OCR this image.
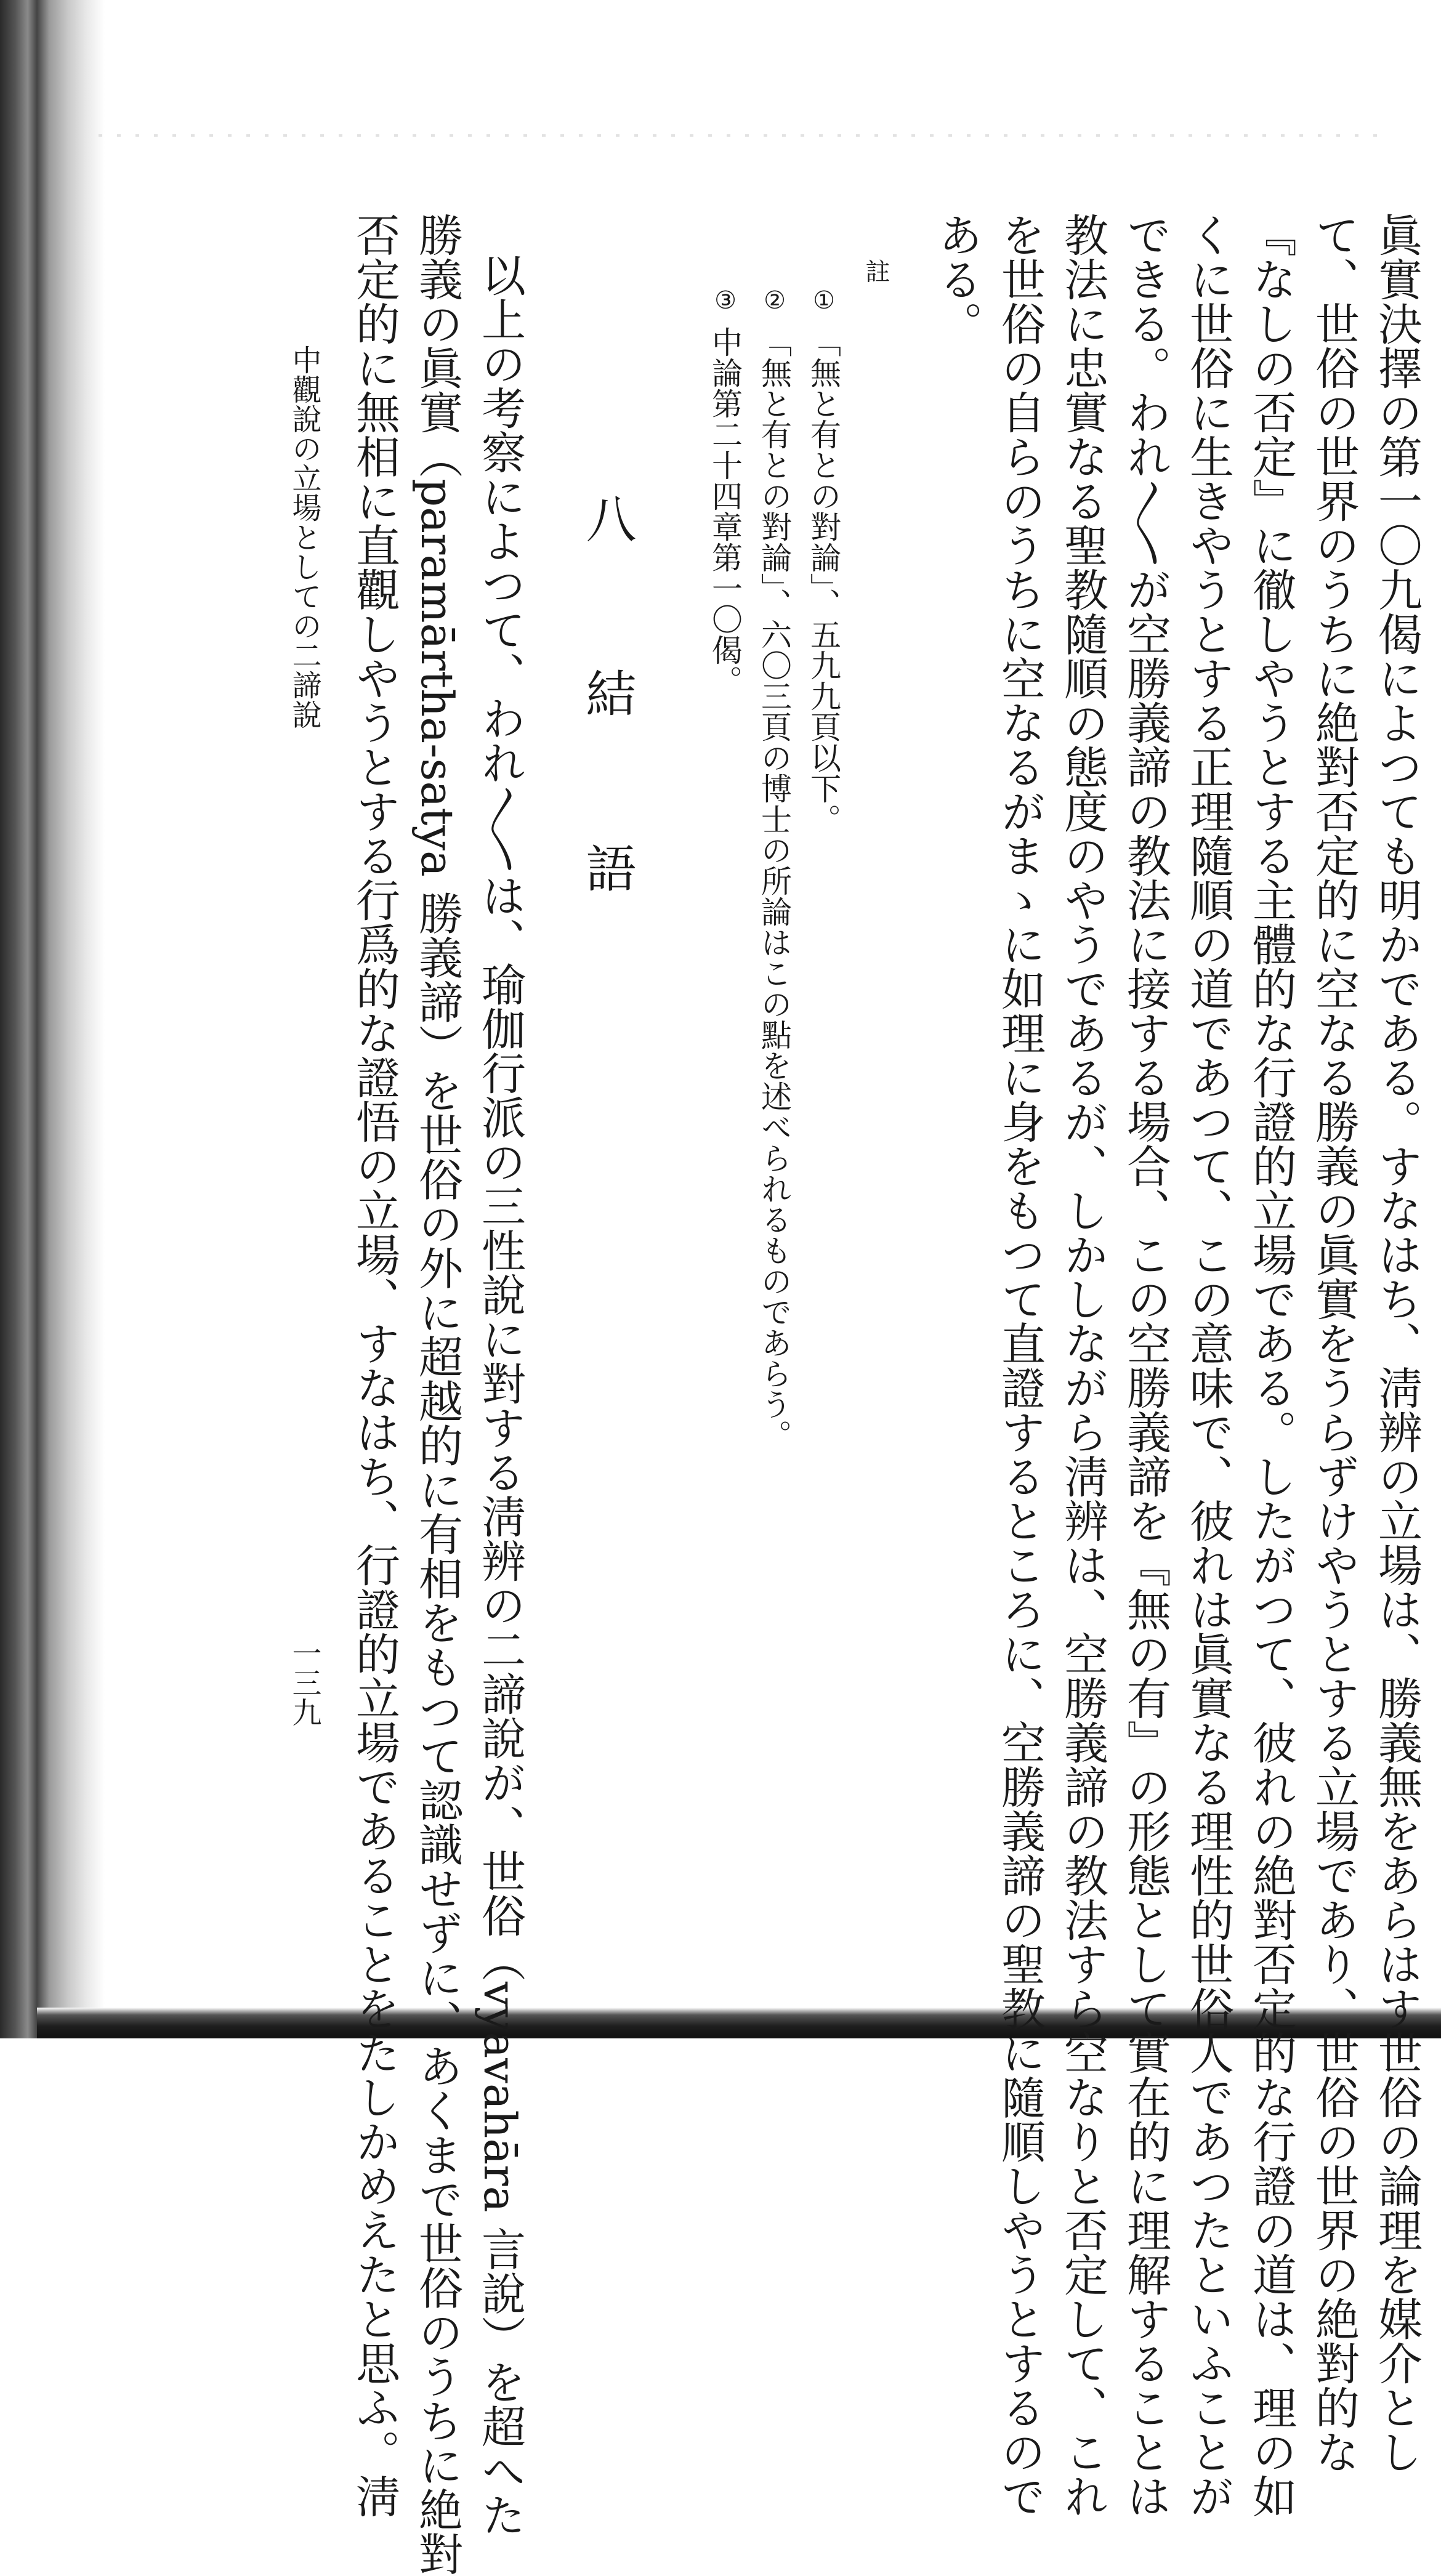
眞實決擇の第一〇九偈によつても明かである。すなはち、淸辨の立場は、勝義無をあらはす世俗の論理を媒介とし
て、世俗の世界のうちに絶對否定的に空なる勝義の眞實をうらずけやうとする立場であり、世俗の世界の絶對的な
『なしの否定』に徹しやうとする主體的な行證的立場である。したがつて、彼れの絶對否定的な行證の道は、理の如
くに世俗に生きやうとする正理隨順の道であつて、この意味で、彼れは眞實なる理性的世俗人であつたといふことが
できる。われ〳〵が空勝義諦の教法に接する場合、この空勝義諦を『無の有』の形態として實在的に理解することは
教法に忠實なる聖教隨順の態度のやうであるが、しかしながら淸辨は、空勝義諦の教法すら空なりと否定して、これ
を世俗の自らのうちに空なるがまゝに如理に身をもつて直證するところに、空勝義諦の聖教に隨順しやうとするので
ある。
註
①
「無と有との對論」、五九九頁以下。
②
「無と有との對論」、六〇三頁の博士の所論はこの點を述べられるものであらう。
③
中論第二十四章第一〇偈。
八　結　語
以上の考察によつて、われ〳〵は、瑜伽行派の三性說に對する淸辨の二諦說が、世俗（vyavahāra 言說）を超へた
勝義の眞實（paramārtha-satya 勝義諦）を世俗の外に超越的に有相をもつて認識せずに、あくまで世俗のうちに絶對
否定的に無相に直觀しやうとする行爲的な證悟の立場、すなはち、行證的立場であることをたしかめえたと思ふ。淸
中觀說の立場としての二諦說
一三九
